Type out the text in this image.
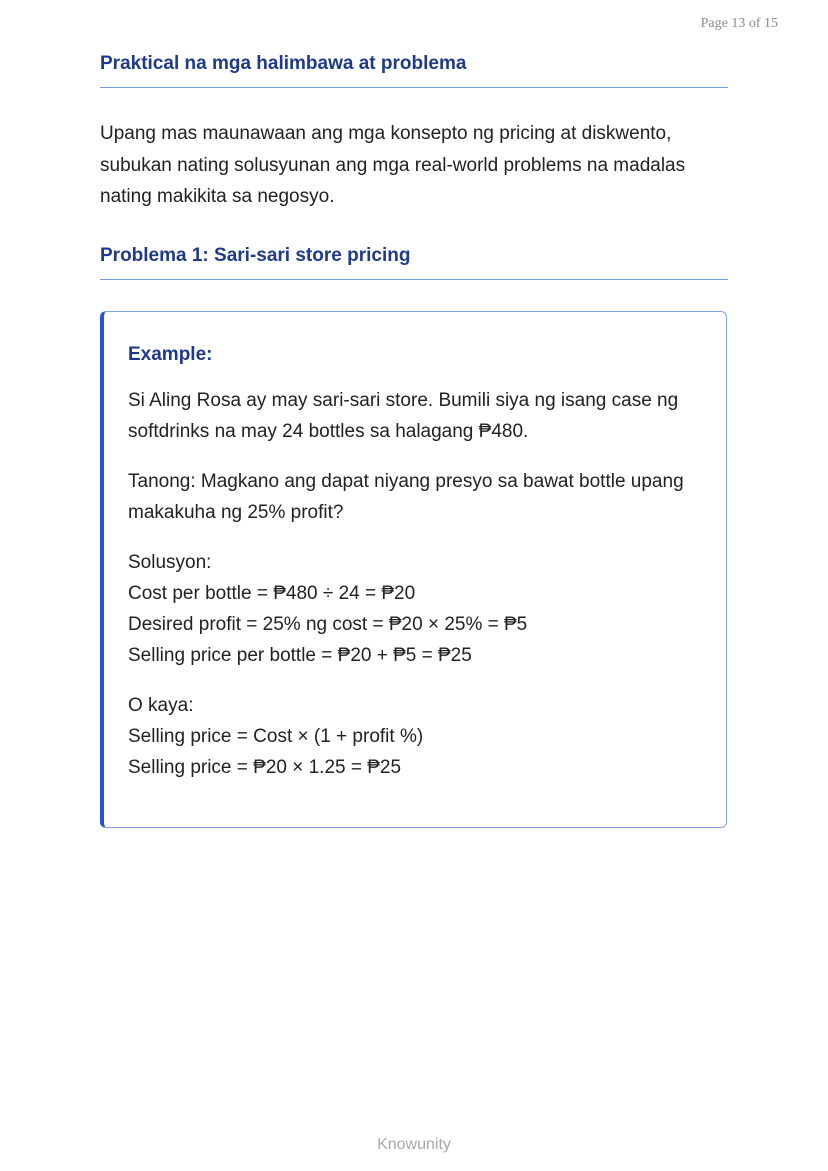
Page 13 of 15
Praktical na mga halimbawa at problema
Upang mas maunawaan ang mga konsepto ng pricing at diskwento, subukan nating solusyunan ang mga real-world problems na madalas nating makikita sa negosyo.
Problema 1: Sari-sari store pricing
Example:

Si Aling Rosa ay may sari-sari store. Bumili siya ng isang case ng softdrinks na may 24 bottles sa halagang ₱480.

Tanong: Magkano ang dapat niyang presyo sa bawat bottle upang makakuha ng 25% profit?

Solusyon:
Cost per bottle = ₱480 ÷ 24 = ₱20
Desired profit = 25% ng cost = ₱20 × 25% = ₱5
Selling price per bottle = ₱20 + ₱5 = ₱25

O kaya:
Selling price = Cost × (1 + profit %)
Selling price = ₱20 × 1.25 = ₱25

Knowunity
